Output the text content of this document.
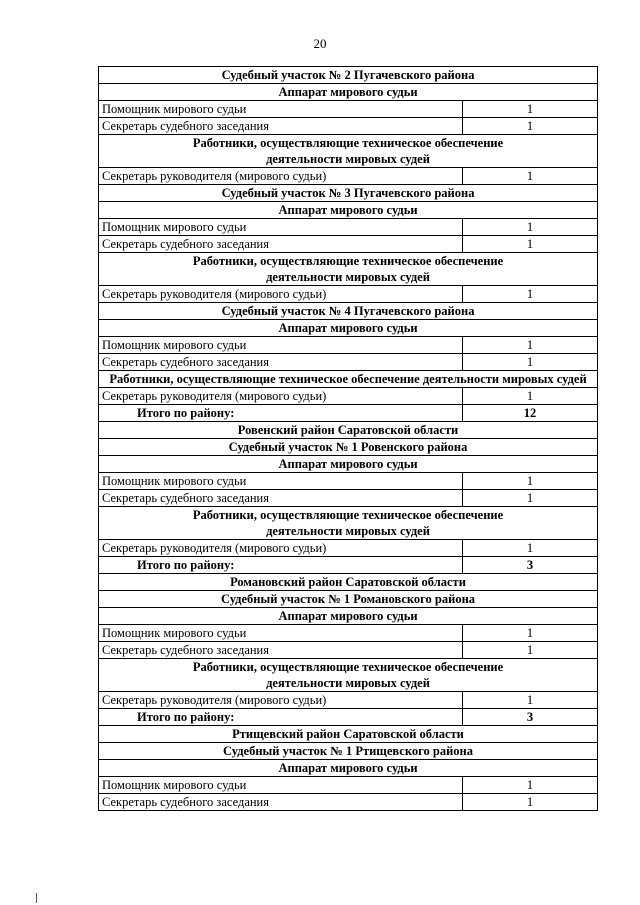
20
Судебный участок № 2 Пугачевского района	
Аппарат мирового судьи	
Помощник мирового судьи	1
Секретарь судебного заседания	1
Работники, осуществляющие техническое обеспечение деятельности мировых судей	
Секретарь руководителя (мирового судьи)	1
Судебный участок № 3 Пугачевского района	
Аппарат мирового судьи	
Помощник мирового судьи	1
Секретарь судебного заседания	1
Работники, осуществляющие техническое обеспечение деятельности мировых судей	
Секретарь руководителя (мирового судьи)	1
Судебный участок № 4 Пугачевского района	
Аппарат мирового судьи	
Помощник мирового судьи	1
Секретарь судебного заседания	1
Работники, осуществляющие техническое обеспечение деятельности мировых судей	
Секретарь руководителя (мирового судьи)	1
Итого по району:	12
Ровенский район Саратовской области	
Судебный участок № 1 Ровенского района	
Аппарат мирового судьи	
Помощник мирового судьи	1
Секретарь судебного заседания	1
Работники, осуществляющие техническое обеспечение деятельности мировых судей	
Секретарь руководителя (мирового судьи)	1
Итого по району:	3
Романовский район Саратовской области	
Судебный участок № 1 Романовского района	
Аппарат мирового судьи	
Помощник мирового судьи	1
Секретарь судебного заседания	1
Работники, осуществляющие техническое обеспечение деятельности мировых судей	
Секретарь руководителя (мирового судьи)	1
Итого по району:	3
Ртищевский район Саратовской области	
Судебный участок № 1 Ртищевского района	
Аппарат мирового судьи	
Помощник мирового судьи	1
Секретарь судебного заседания	1
